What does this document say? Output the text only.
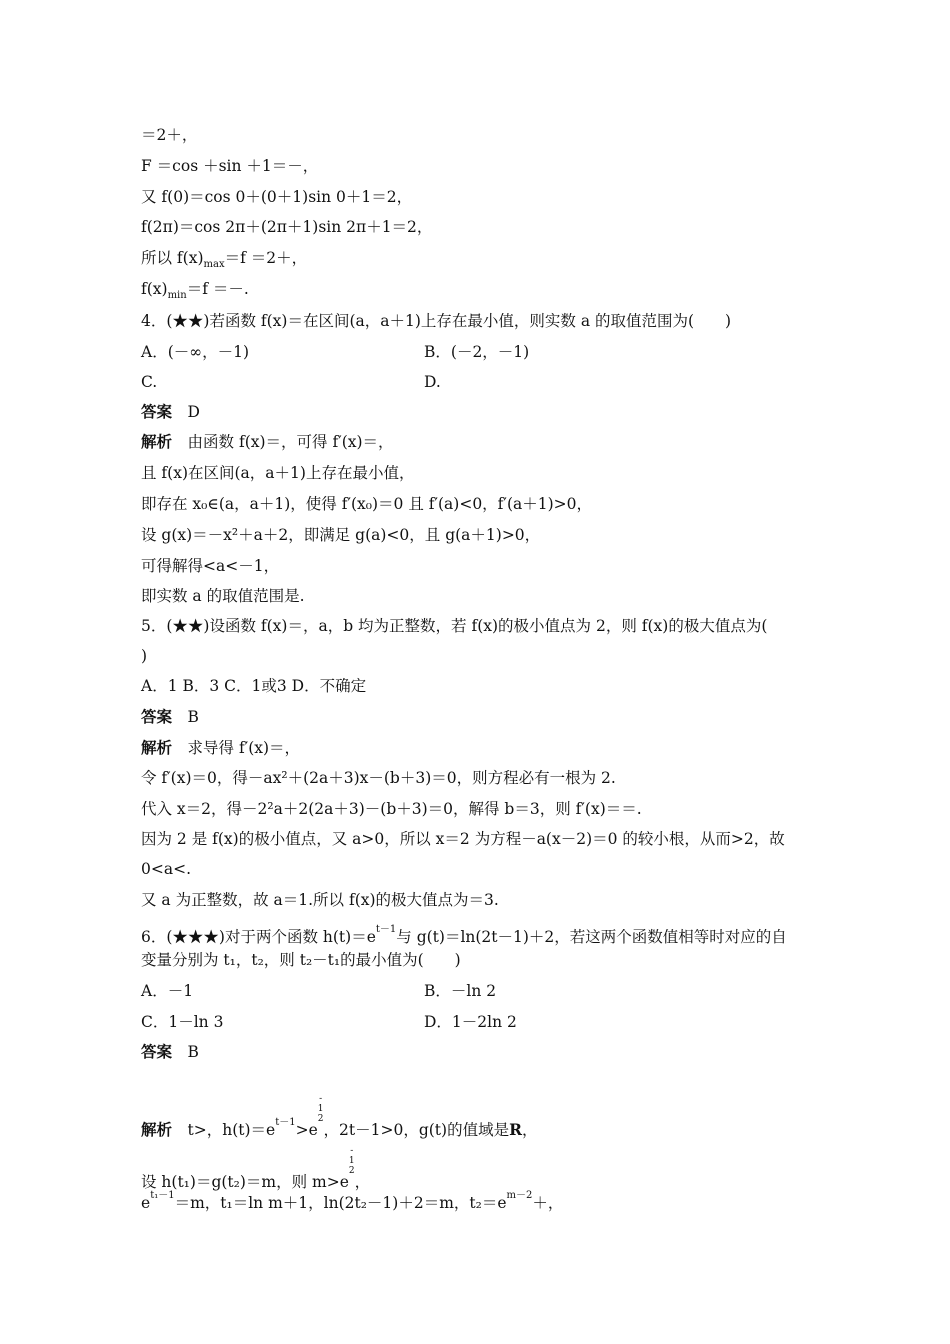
＝2＋，
F ＝cos ＋sin ＋1＝－，
又 f(0)＝cos 0＋(0＋1)sin 0＋1＝2，
f(2π)＝cos 2π＋(2π＋1)sin 2π＋1＝2，
所以 $f(x)_{max}=f =2+$，
$f(x)_{min}=f$ ＝－.
4．(★★)若函数 f(x)＝在区间(a，a＋1)上存在最小值，则实数 a 的取值范围为(　　)
A．(－∞，－1)	B．(－2，－1)
C.	D.
答案　 D
解析　 由函数 f(x)＝，可得 f′(x)＝，
且 f(x)在区间(a，a＋1)上存在最小值，
即存在 x₀∈(a，a＋1)，使得 f′(x₀)＝0 且 f′(a)<0，f′(a＋1)>0，
设 g(x)＝－x²＋a＋2，即满足 g(a)<0，且 g(a＋1)>0，
可得解得<a<－1，
即实数 a 的取值范围是.
5．(★★)设函数 f(x)＝，a，b 均为正整数，若 f(x)的极小值点为 2，则 f(x)的极大值点为(
)
A．1 B．3 C．1或3 D．不确定
答案　 B
解析　 求导得 f′(x)＝，
令 f′(x)＝0，得－ax²＋(2a＋3)x－(b＋3)＝0，则方程必有一根为 2.
代入 x＝2，得－2²a＋2(2a＋3)－(b＋3)＝0，解得 b＝3，则 f′(x)＝＝.
因为 2 是 f(x)的极小值点，又 a>0，所以 x＝2 为方程－a(x－2)＝0 的较小根，从而>2，故
0<a<.
又 a 为正整数，故 a＝1.所以 f(x)的极大值点为＝3.
6．(★★★)对于两个函数 $h(t)=e^{t-1}$与 g(t)＝ln(2t－1)＋2，若这两个函数值相等时对应的自
变量分别为 t₁，t₂，则 t₂－t₁的最小值为(　　)
A．－1	B．－ln 2
C．1－ln 3	D．1－2ln 2
答案　 B
解析　 t>，$h(t)=e^{t-1}>e$
-
1
2
，2t－1>0，g(t)的值域是R，
设 h(t₁)＝g(t₂)＝m，则 m>e
-
1
2
，
$e^{t_1-1}=m$，t₁＝ln m＋1，ln(2t₂－1)＋2＝m，$t_2=e^{m-2}+$，
